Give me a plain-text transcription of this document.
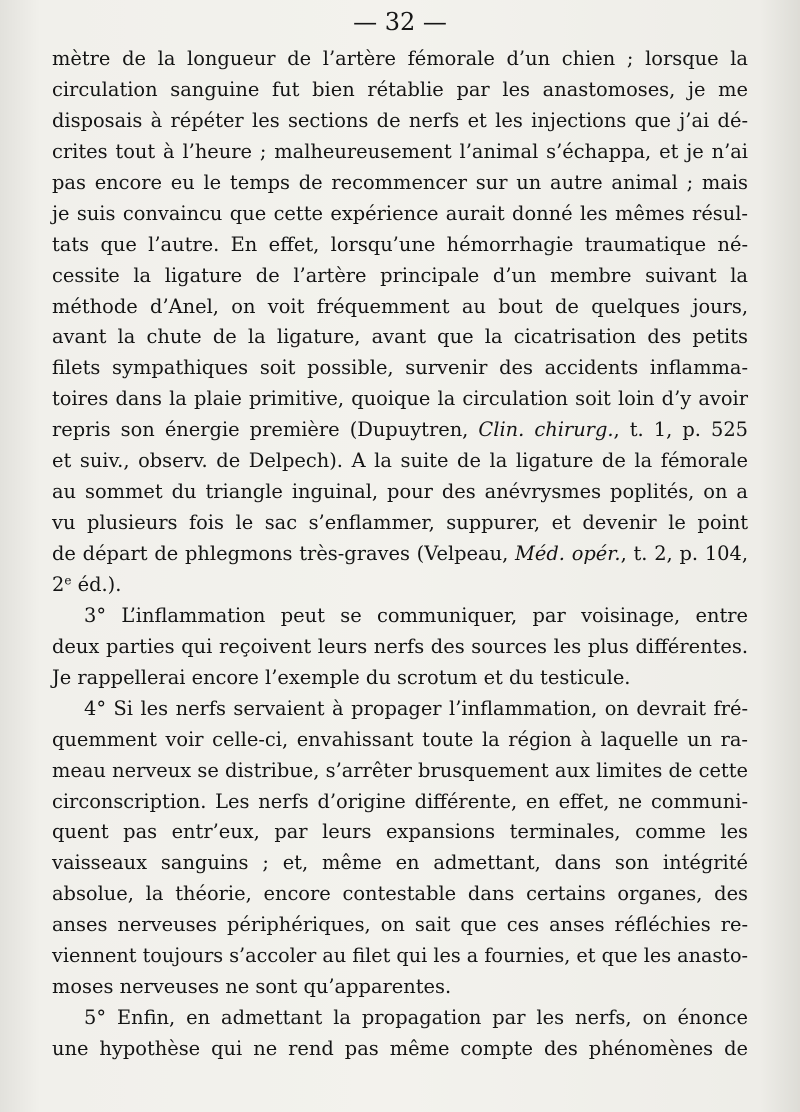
— 32 —
mètre de la longueur de l’artère fémorale d’un chien ; lorsque la
circulation sanguine fut bien rétablie par les anastomoses, je me
disposais à répéter les sections de nerfs et les injections que j’ai dé-
crites tout à l’heure ; malheureusement l’animal s’échappa, et je n’ai
pas encore eu le temps de recommencer sur un autre animal ; mais
je suis convaincu que cette expérience aurait donné les mêmes résul-
tats que l’autre. En effet, lorsqu’une hémorrhagie traumatique né-
cessite la ligature de l’artère principale d’un membre suivant la
méthode d’Anel, on voit fréquemment au bout de quelques jours,
avant la chute de la ligature, avant que la cicatrisation des petits
filets sympathiques soit possible, survenir des accidents inflamma-
toires dans la plaie primitive, quoique la circulation soit loin d’y avoir
repris son énergie première (Dupuytren, Clin. chirurg., t. 1, p. 525
et suiv., observ. de Delpech). A la suite de la ligature de la fémorale
au sommet du triangle inguinal, pour des anévrysmes poplités, on a
vu plusieurs fois le sac s’enflammer, suppurer, et devenir le point
de départ de phlegmons très-graves (Velpeau, Méd. opér., t. 2, p. 104,
2e éd.).
3° L’inflammation peut se communiquer, par voisinage, entre
deux parties qui reçoivent leurs nerfs des sources les plus différentes.
Je rappellerai encore l’exemple du scrotum et du testicule.
4° Si les nerfs servaient à propager l’inflammation, on devrait fré-
quemment voir celle-ci, envahissant toute la région à laquelle un ra-
meau nerveux se distribue, s’arrêter brusquement aux limites de cette
circonscription. Les nerfs d’origine différente, en effet, ne communi-
quent pas entr’eux, par leurs expansions terminales, comme les
vaisseaux sanguins ; et, même en admettant, dans son intégrité
absolue, la théorie, encore contestable dans certains organes, des
anses nerveuses périphériques, on sait que ces anses réfléchies re-
viennent toujours s’accoler au filet qui les a fournies, et que les anasto-
moses nerveuses ne sont qu’apparentes.
5° Enfin, en admettant la propagation par les nerfs, on énonce
une hypothèse qui ne rend pas même compte des phénomènes de
